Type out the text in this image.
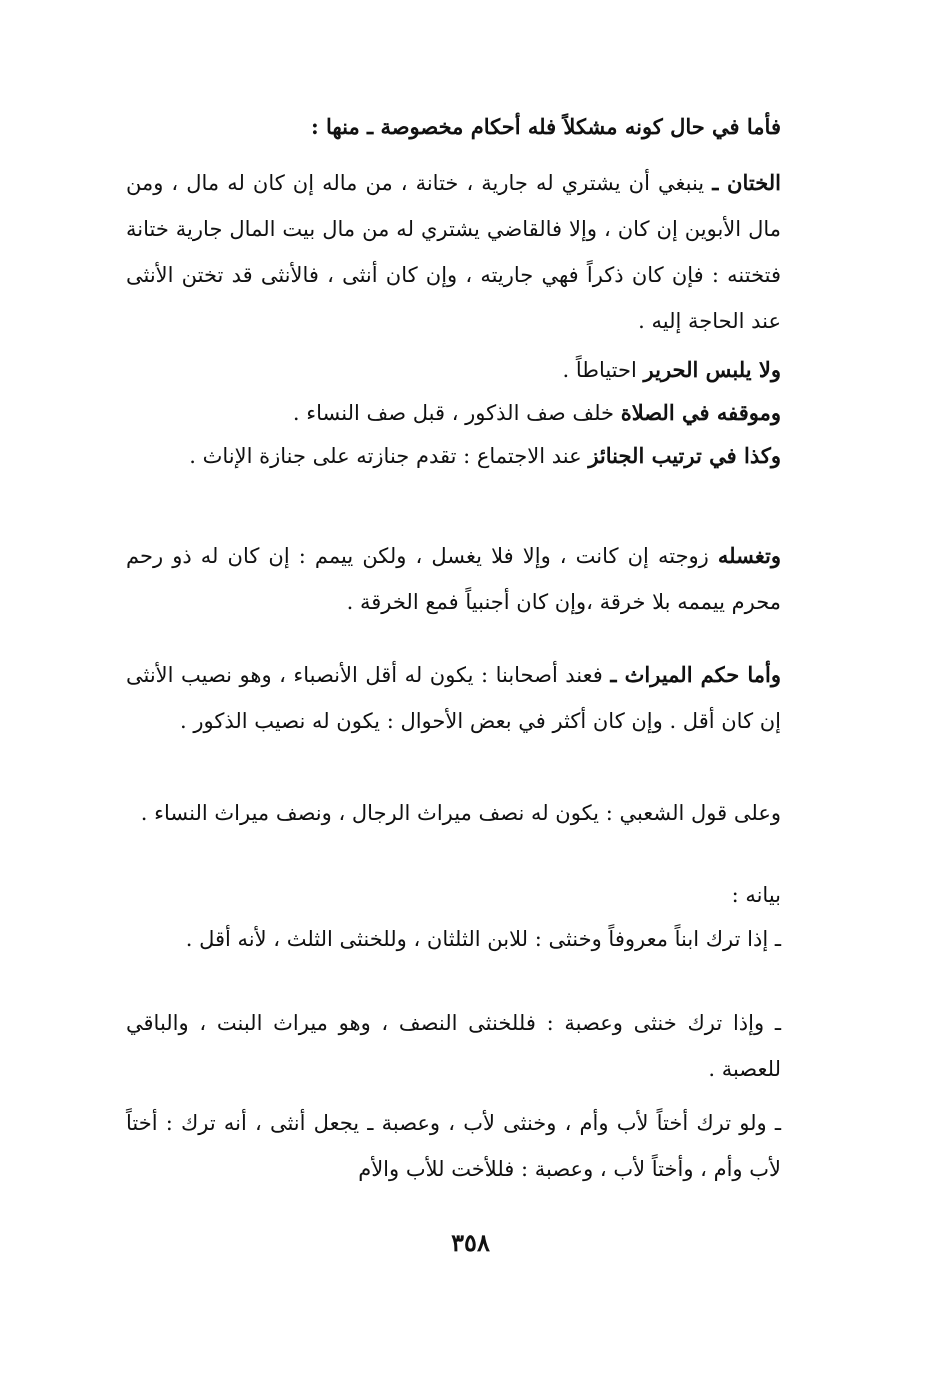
فأما في حال كونه مشكلاً فله أحكام مخصوصة ـ منها :
الختان ـ ينبغي أن يشتري له جارية ، ختانة ، من ماله إن كان له مال ، ومن مال الأبوين إن كان ، وإلا فالقاضي يشتري له من مال بيت المال جارية ختانة فتختنه : فإن كان ذكراً فهي جاريته ، وإن كان أنثى ، فالأنثى قد تختن الأنثى عند الحاجة إليه .
ولا يلبس الحرير احتياطاً .
وموقفه في الصلاة خلف صف الذكور ، قبل صف النساء .
وكذا في ترتيب الجنائز عند الاجتماع : تقدم جنازته على جنازة الإناث .
وتغسله زوجته إن كانت ، وإلا فلا يغسل ، ولكن ييمم : إن كان له ذو رحم محرم ييممه بلا خرقة ،وإن كان أجنبياً فمع الخرقة .
وأما حكم الميراث ـ فعند أصحابنا : يكون له أقل الأنصباء ، وهو نصيب الأنثى إن كان أقل . وإن كان أكثر في بعض الأحوال : يكون له نصيب الذكور .
وعلى قول الشعبي : يكون له نصف ميراث الرجال ، ونصف ميراث النساء .
بيانه :
ـ إذا ترك ابناً معروفاً وخنثى : للابن الثلثان ، وللخنثى الثلث ، لأنه أقل .
ـ وإذا ترك خنثى وعصبة : فللخنثى النصف ، وهو ميراث البنت ، والباقي للعصبة .
ـ ولو ترك أختاً لأب وأم ، وخنثى لأب ، وعصبة ـ يجعل أنثى ، أنه ترك : أختاً لأب وأم ، وأختاً لأب ، وعصبة : فللأخت للأب والأم
٣٥٨
